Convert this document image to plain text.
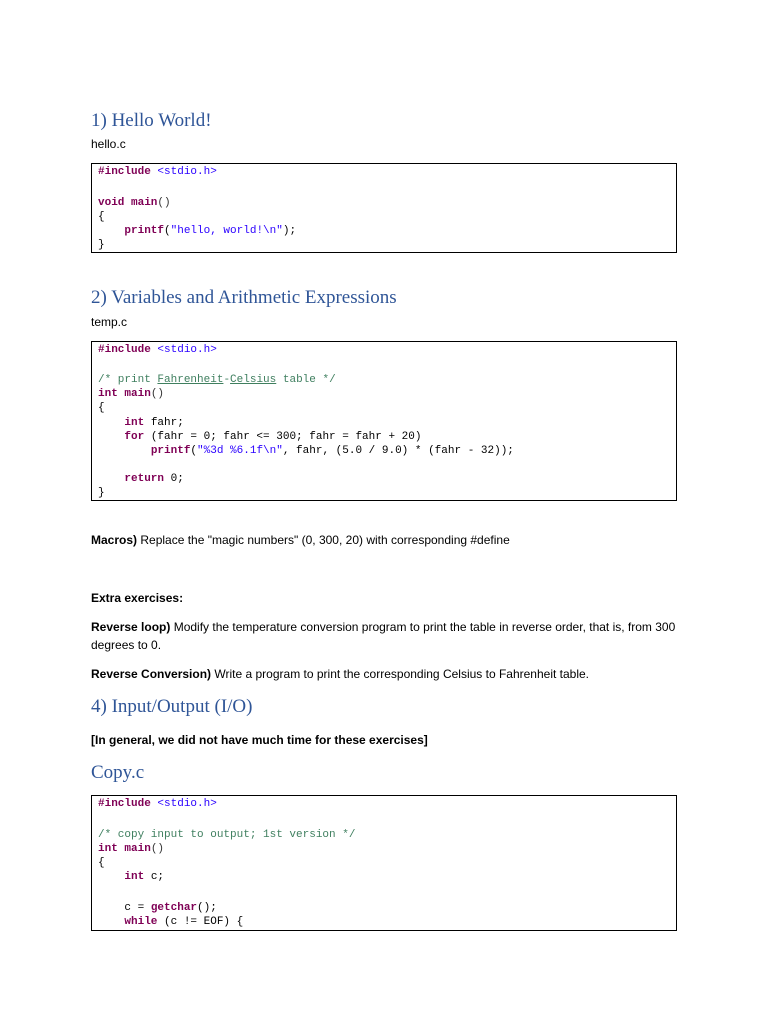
1) Hello World!
hello.c
#include <stdio.h>
void main()
{
printf("hello, world!\n");
}
2) Variables and Arithmetic Expressions
temp.c
#include <stdio.h>
/* print Fahrenheit-Celsius table */
int main()
{
int fahr;
for (fahr = 0; fahr <= 300; fahr = fahr + 20)
printf("%3d %6.1f\n", fahr, (5.0 / 9.0) * (fahr - 32));
return 0;
}
Macros) Replace the "magic numbers" (0, 300, 20) with corresponding #define
Extra exercises:
Reverse loop) Modify the temperature conversion program to print the table in reverse order, that is, from 300 degrees to 0.
Reverse Conversion) Write a program to print the corresponding Celsius to Fahrenheit table.
4) Input/Output (I/O)
[In general, we did not have much time for these exercises]
Copy.c
#include <stdio.h>
/* copy input to output; 1st version */
int main()
{
int c;
c = getchar();
while (c != EOF) {
